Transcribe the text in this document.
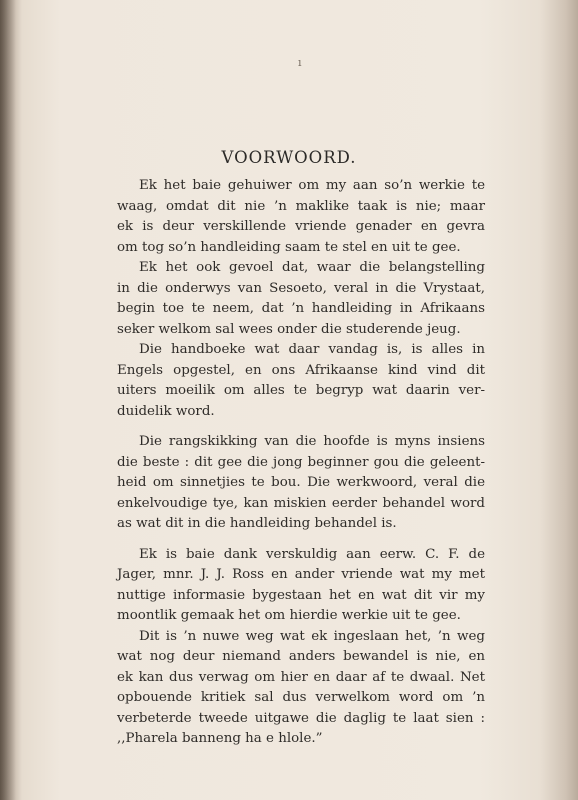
ı
VOORWOORD.

Ek het baie gehuiwer om my aan so’n werkie te
waag, omdat dit nie ’n maklike taak is nie; maar
ek is deur verskillende vriende genader en gevra
om tog so’n handleiding saam te stel en uit te gee.

Ek het ook gevoel dat, waar die belangstelling
in die onderwys van Sesoeto, veral in die Vrystaat,
begin toe te neem, dat ’n handleiding in Afrikaans
seker welkom sal wees onder die studerende jeug.

Die handboeke wat daar vandag is, is alles in
Engels opgestel, en ons Afrikaanse kind vind dit
uiters moeilik om alles te begryp wat daarin ver-
duidelik word.

Die rangskikking van die hoofde is myns insiens
die beste : dit gee die jong beginner gou die geleent-
heid om sinnetjies te bou. Die werkwoord, veral die
enkelvoudige tye, kan miskien eerder behandel word
as wat dit in die handleiding behandel is.

Ek is baie dank verskuldig aan eerw. C. F. de
Jager, mnr. J. J. Ross en ander vriende wat my met
nuttige informasie bygestaan het en wat dit vir my
moontlik gemaak het om hierdie werkie uit te gee.

Dit is ’n nuwe weg wat ek ingeslaan het, ’n weg
wat nog deur niemand anders bewandel is nie, en
ek kan dus verwag om hier en daar af te dwaal. Net
opbouende kritiek sal dus verwelkom word om ’n
verbeterde tweede uitgawe die daglig te laat sien :
,,Pharela banneng ha e hlole.”
